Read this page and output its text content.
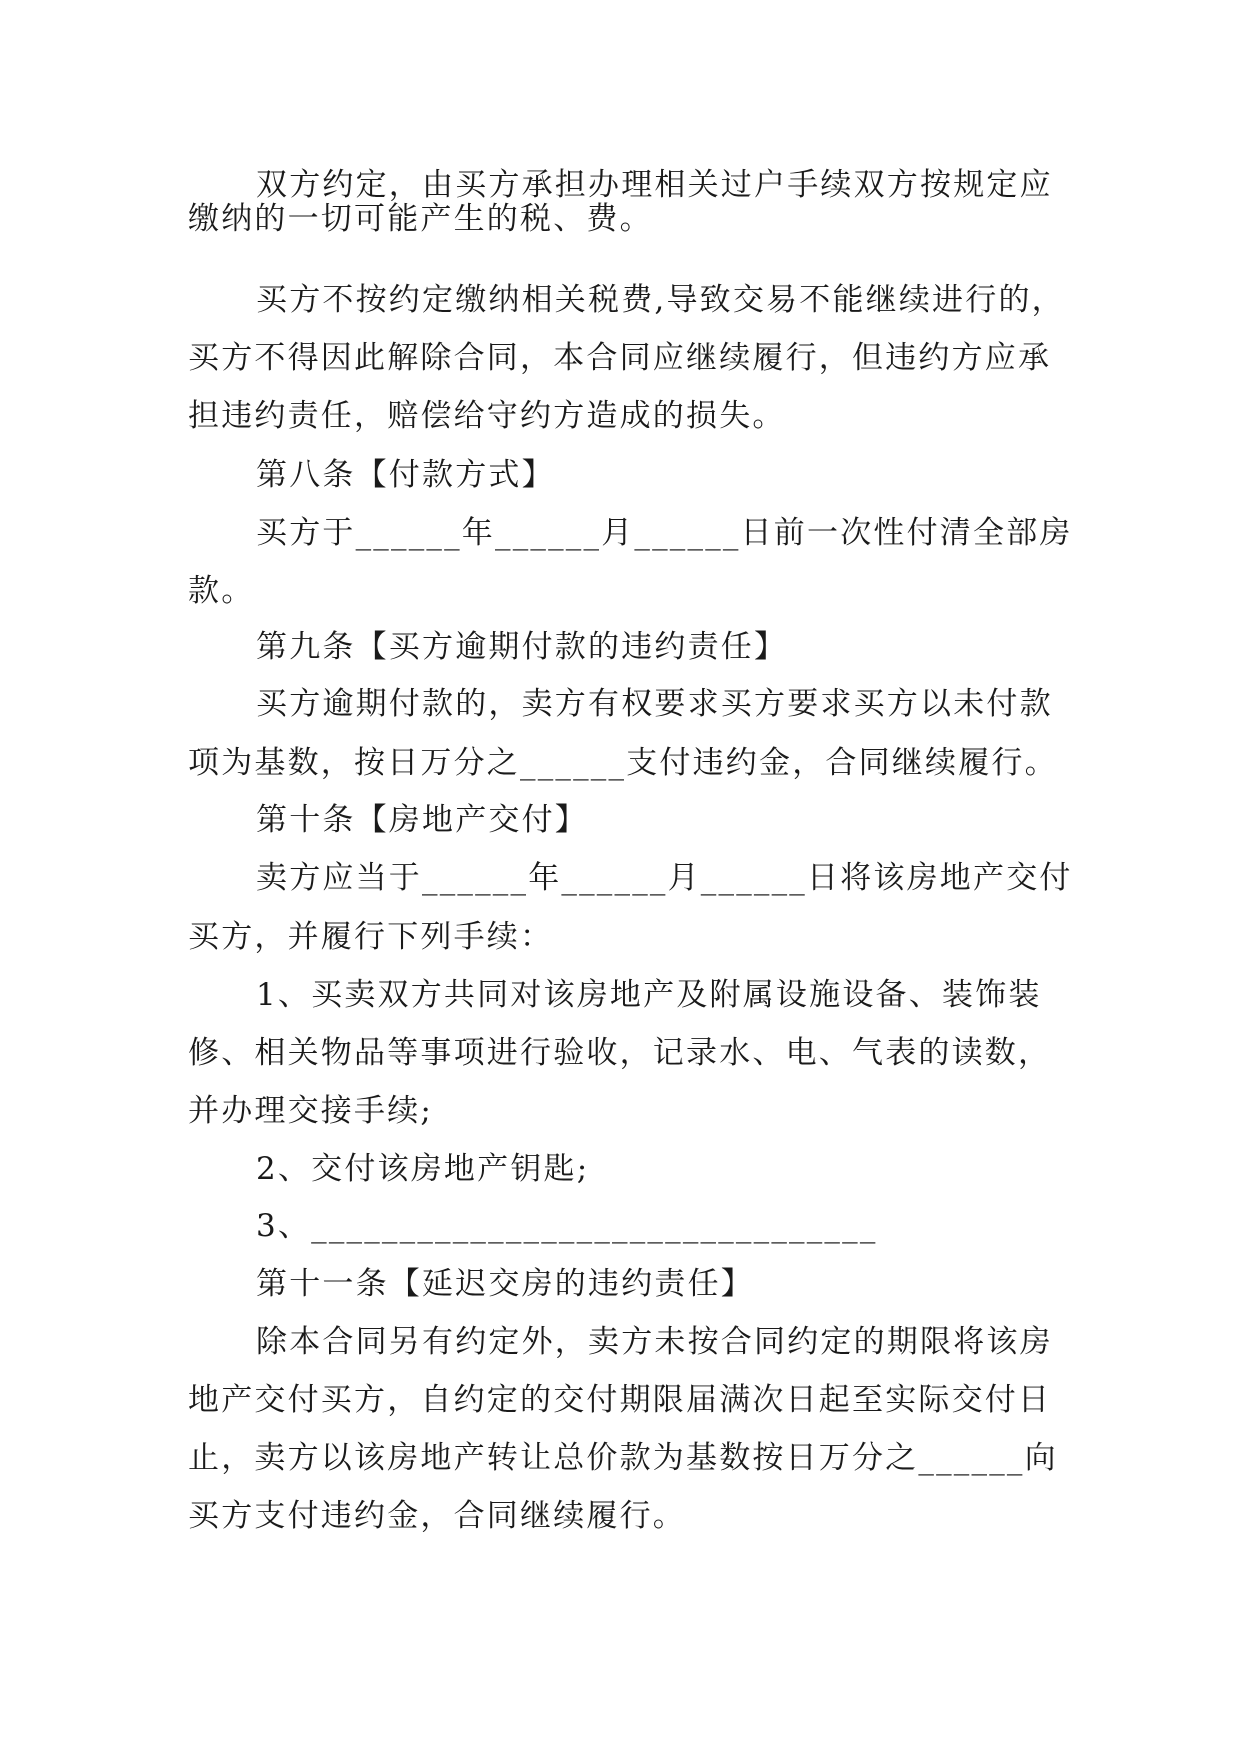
双方约定，由买方承担办理相关过户手续双方按规定应
缴纳的一切可能产生的税、费。
买方不按约定缴纳相关税费,导致交易不能继续进行的，
买方不得因此解除合同，本合同应继续履行，但违约方应承
担违约责任，赔偿给守约方造成的损失。
第八条【付款方式】
买方于______年______月______日前一次性付清全部房
款。
第九条【买方逾期付款的违约责任】
买方逾期付款的，卖方有权要求买方要求买方以未付款
项为基数，按日万分之______支付违约金，合同继续履行。
第十条【房地产交付】
卖方应当于______年______月______日将该房地产交付
买方，并履行下列手续：
1、买卖双方共同对该房地产及附属设施设备、装饰装
修、相关物品等事项进行验收，记录水、电、气表的读数，
并办理交接手续;
2、交付该房地产钥匙;
3、________________________________
第十一条【延迟交房的违约责任】
除本合同另有约定外，卖方未按合同约定的期限将该房
地产交付买方，自约定的交付期限届满次日起至实际交付日
止，卖方以该房地产转让总价款为基数按日万分之______向
买方支付违约金，合同继续履行。
